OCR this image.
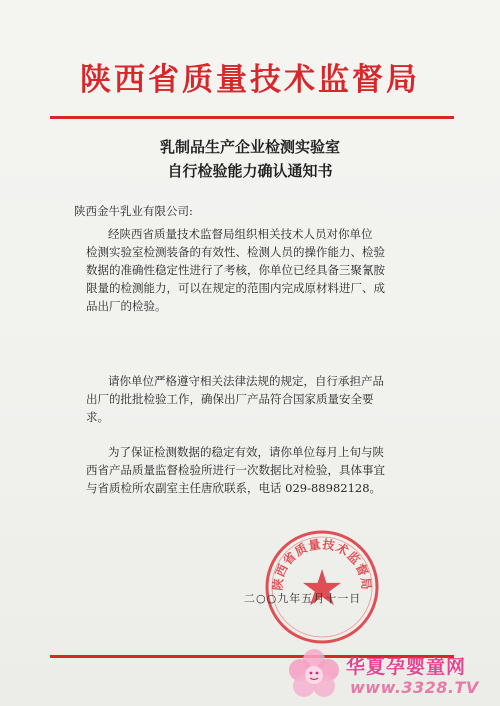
陕西省质量技术监督局
乳制品生产企业检测实验室
自行检验能力确认通知书
陕西金牛乳业有限公司:
经陕西省质量技术监督局组织相关技术人员对你单位
检测实验室检测装备的有效性、检测人员的操作能力、检验
数据的准确性稳定性进行了考核，你单位已经具备三聚氰胺
限量的检测能力，可以在规定的范围内完成原材料进厂、成
品出厂的检验。
请你单位严格遵守相关法律法规的规定，自行承担产品
出厂的批批检验工作，确保出厂产品符合国家质量安全要
求。
为了保证检测数据的稳定有效，请你单位每月上旬与陕
西省产品质量监督检验所进行一次数据比对检验，具体事宜
与省质检所农副室主任唐欣联系，电话 029-88982128。
陕西省质量技术监督局
二○○九年五月十一日
华夏孕婴童网
www.3328.TV
